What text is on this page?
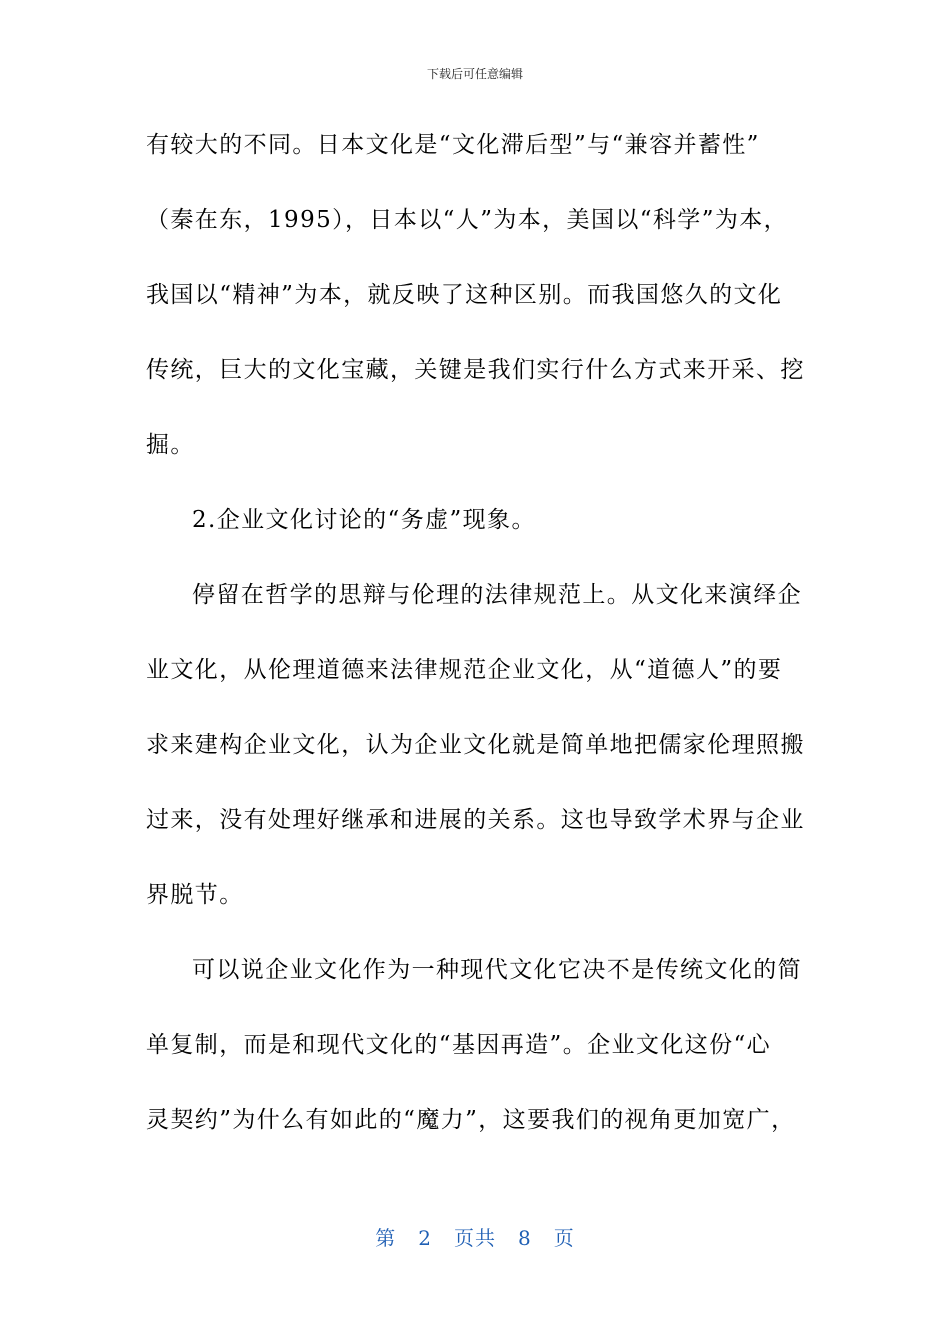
下载后可任意编辑
有较大的不同。日本文化是“文化滞后型”与“兼容并蓄性”
（秦在东，1995），日本以“人”为本，美国以“科学”为本，
我国以“精神”为本，就反映了这种区别。而我国悠久的文化
传统，巨大的文化宝藏，关键是我们实行什么方式来开采、挖
掘。
2.企业文化讨论的“务虚”现象。
停留在哲学的思辩与伦理的法律规范上。从文化来演绎企
业文化，从伦理道德来法律规范企业文化，从“道德人”的要
求来建构企业文化，认为企业文化就是简单地把儒家伦理照搬
过来，没有处理好继承和进展的关系。这也导致学术界与企业
界脱节。
可以说企业文化作为一种现代文化它决不是传统文化的简
单复制，而是和现代文化的“基因再造”。企业文化这份“心
灵契约”为什么有如此的“魔力”，这要我们的视角更加宽广，
第 2 页共 8 页
